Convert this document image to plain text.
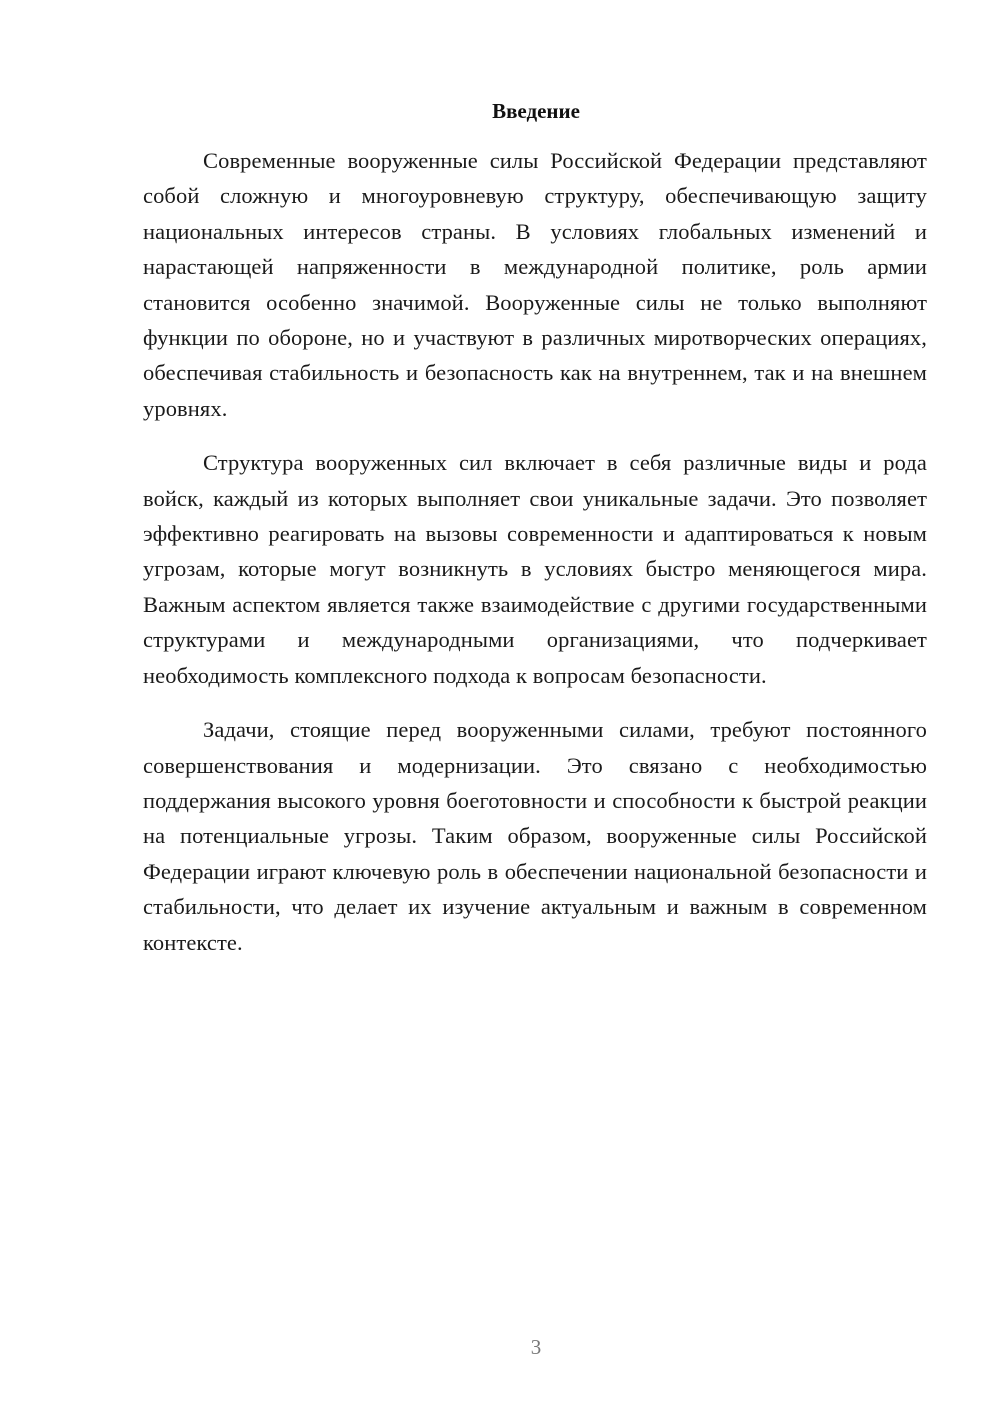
Введение

Современные вооруженные силы Российской Федерации представляют собой сложную и многоуровневую структуру, обеспечивающую защиту национальных интересов страны. В условиях глобальных изменений и нарастающей напряженности в международной политике, роль армии становится особенно значимой. Вооруженные силы не только выполняют функции по обороне, но и участвуют в различных миротворческих операциях, обеспечивая стабильность и безопасность как на внутреннем, так и на внешнем уровнях.

Структура вооруженных сил включает в себя различные виды и рода войск, каждый из которых выполняет свои уникальные задачи. Это позволяет эффективно реагировать на вызовы современности и адаптироваться к новым угрозам, которые могут возникнуть в условиях быстро меняющегося мира. Важным аспектом является также взаимодействие с другими государственными структурами и международными организациями, что подчеркивает необходимость комплексного подхода к вопросам безопасности.

Задачи, стоящие перед вооруженными силами, требуют постоянного совершенствования и модернизации. Это связано с необходимостью поддержания высокого уровня боеготовности и способности к быстрой реакции на потенциальные угрозы. Таким образом, вооруженные силы Российской Федерации играют ключевую роль в обеспечении национальной безопасности и стабильности, что делает их изучение актуальным и важным в современном контексте.

3
